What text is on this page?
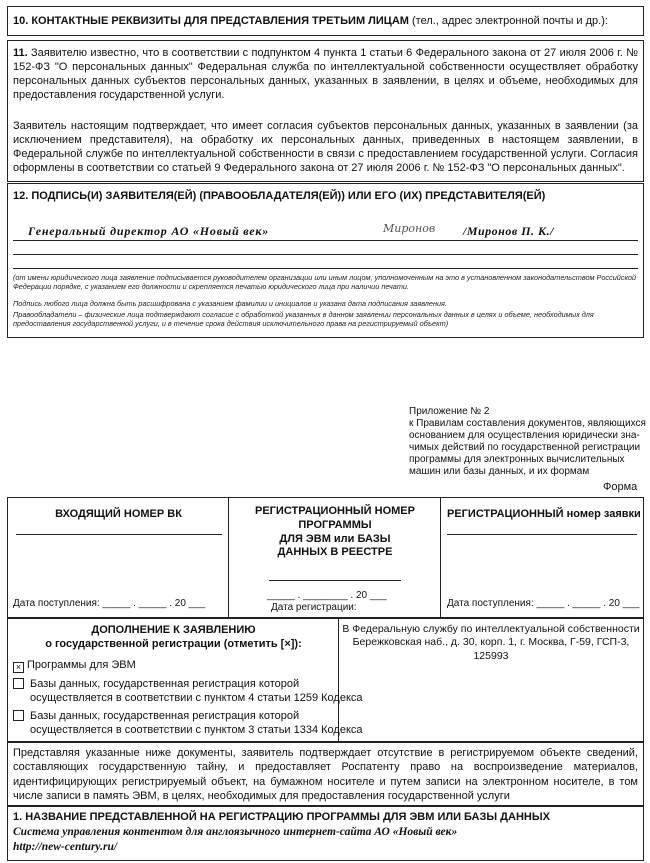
10. КОНТАКТНЫЕ РЕКВИЗИТЫ ДЛЯ ПРЕДСТАВЛЕНИЯ ТРЕТЬИМ ЛИЦАМ (тел., адрес электронной почты и др.):
11. Заявителю известно, что в соответствии с подпунктом 4 пункта 1 статьи 6 Федерального закона от 27 июля 2006 г. № 152-ФЗ "О персональных данных" Федеральная служба по интеллектуальной собственности осуществляет обработку персональных данных субъектов персональных данных, указанных в заявлении, в целях и объеме, необходимых для предоставления государственной услуги.
Заявитель настоящим подтверждает, что имеет согласия субъектов персональных данных, указанных в заявлении (за исключением представителя), на обработку их персональных данных, приведенных в настоящем заявлении, в Федеральной службе по интеллектуальной собственности в связи с предоставлением государственной услуги. Согласия оформлены в соответствии со статьей 9 Федерального закона от 27 июля 2006 г. № 152-ФЗ "О персональных данных".
12. ПОДПИСЬ(И) ЗАЯВИТЕЛЯ(ЕЙ) (ПРАВООБЛАДАТЕЛЯ(ЕЙ)) ИЛИ ЕГО (ИХ) ПРЕДСТАВИТЕЛЯ(ЕЙ)
Генеральный директор АО «Новый век»	Миронов /Миронов П. К./
(от имени юридического лица заявление подписывается руководителем организации или иным лицом, уполномоченным на это в установленном законодательством Российской Федерации порядке, с указанием его должности и скрепляется печатью юридического лица при наличии печати.
Подпись любого лица должна быть расшифрована с указанием фамилии и инициалов и указана дата подписания заявления.
Правообладатели – физические лица подтверждают согласие с обработкой указанных в данном заявлении персональных данных в целях и объеме, необходимых для предоставления государственной услуги, и в течение срока действия исключительного права на регистрируемый объект)
Приложение № 2
к Правилам составления документов, являющихся
основанием для осуществления юридически зна-
чимых действий по государственной регистрации
программы для электронных вычислительных
машин или базы данных, и их формам
Форма
ВХОДЯЩИЙ НОМЕР ВК
Дата поступления: _____ . _____ . 20 ___
РЕГИСТРАЦИОННЫЙ НОМЕР
ПРОГРАММЫ
ДЛЯ ЭВМ или БАЗЫ
ДАННЫХ В РЕЕСТРЕ
_____ . ________ . 20 ___
Дата регистрации:
РЕГИСТРАЦИОННЫЙ номер заявки
Дата поступления: _____ . _____ . 20 ___
ДОПОЛНЕНИЕ К ЗАЯВЛЕНИЮ
о государственной регистрации (отметить [×]):
× Программы для ЭВМ
Базы данных, государственная регистрация которой
осуществляется в соответствии с пунктом 4 статьи 1259 Кодекса
Базы данных, государственная регистрация которой
осуществляется в соответствии с пунктом 3 статьи 1334 Кодекса
В Федеральную службу по интеллектуальной собственности
Бережковская наб., д. 30, корп. 1, г. Москва, Г-59, ГСП-3,
125993
Представляя указанные ниже документы, заявитель подтверждает отсутствие в регистрируемом объекте сведений, составляющих государственную тайну, и предоставляет Роспатенту право на воспроизведение материалов, идентифицирующих регистрируемый объект, на бумажном носителе и путем записи на электронном носителе, в том числе записи в память ЭВМ, в целях, необходимых для предоставления государственной услуги
1. НАЗВАНИЕ ПРЕДСТАВЛЕННОЙ НА РЕГИСТРАЦИЮ ПРОГРАММЫ ДЛЯ ЭВМ ИЛИ БАЗЫ ДАННЫХ
Система управления контентом для англоязычного интернет-сайта АО «Новый век»
http://new-century.ru/
